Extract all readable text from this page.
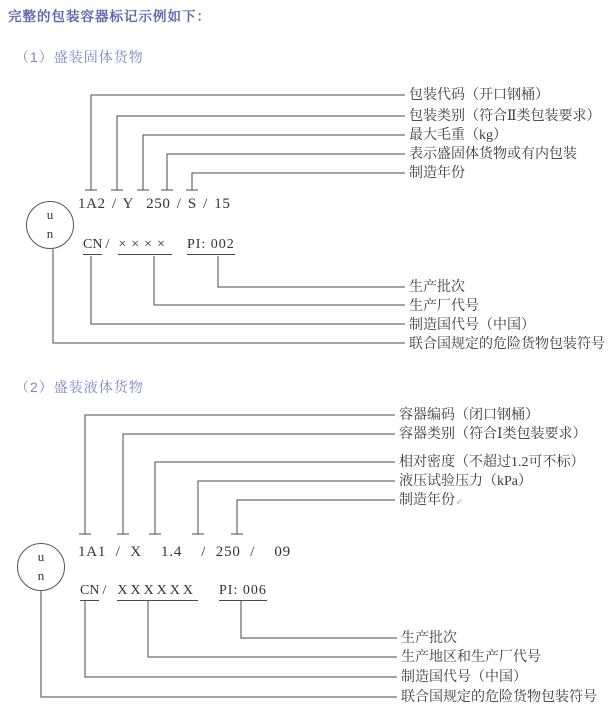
完整的包装容器标记示例如下：
（1）盛装固体货物
包装代码（开口钢桶）
包装类别（符合Ⅱ类包装要求）
最大毛重（kg）
表示盛固体货物或有内包装
制造年份
1A2 / Y  250 / S / 15
u
n
CN / ×××× PI: 002
生产批次
生产厂代号
制造国代号（中国）
联合国规定的危险货物包装符号
（2）盛装液体货物
容器编码（闭口钢桶）
容器类别（符合Ⅰ类包装要求）
相对密度（不超过1.2可不标）
液压试验压力（kPa）
制造年份↙
1A1 / X  1.4  / 250 /  09
u
n
CN / XXXXXX PI: 006
生产批次
生产地区和生产厂代号
制造国代号（中国）
联合国规定的危险货物包装符号
